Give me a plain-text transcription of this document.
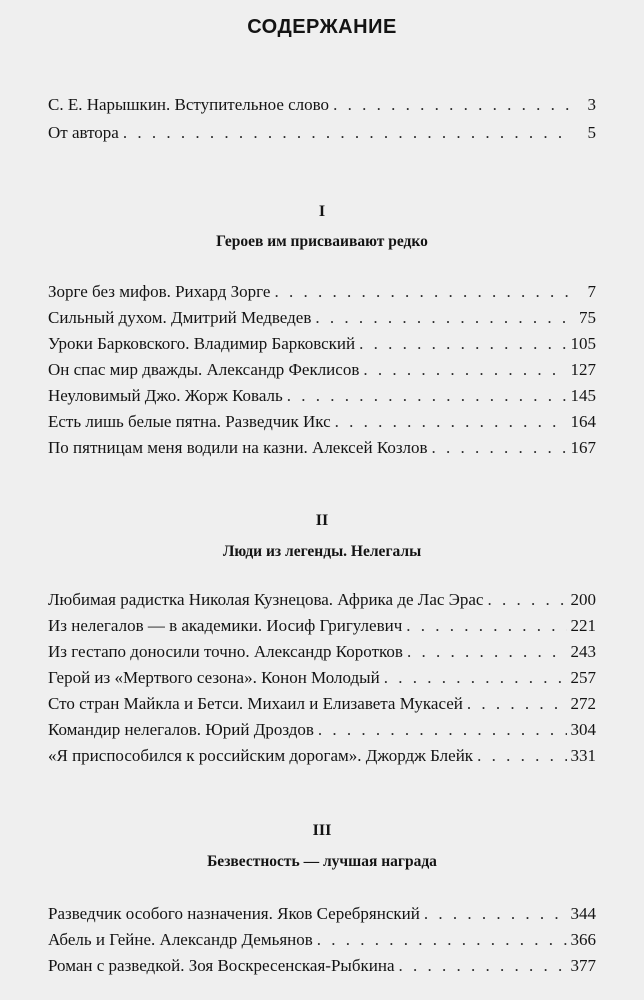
СОДЕРЖАНИЕ
С. Е. Нарышкин. Вступительное слово . . .	3
От автора . . .	5
I
Героев им присваивают редко
Зорге без мифов. Рихард Зорге . . .	7
Сильный духом. Дмитрий Медведев . . .	75
Уроки Барковского. Владимир Барковский . . .	105
Он спас мир дважды. Александр Феклисов . . .	127
Неуловимый Джо. Жорж Коваль . . .	145
Есть лишь белые пятна. Разведчик Икс . . .	164
По пятницам меня водили на казни. Алексей Козлов . . .	167
II
Люди из легенды. Нелегалы
Любимая радистка Николая Кузнецова. Африка де Лас Эрас . . .	200
Из нелегалов — в академики. Иосиф Григулевич . . .	221
Из гестапо доносили точно. Александр Коротков . . .	243
Герой из «Мертвого сезона». Конон Молодый . . .	257
Сто стран Майкла и Бетси. Михаил и Елизавета Мукасей . . .	272
Командир нелегалов. Юрий Дроздов . . .	304
«Я приспособился к российским дорогам». Джордж Блейк . . .	331
III
Безвестность — лучшая награда
Разведчик особого назначения. Яков Серебрянский . . .	344
Абель и Гейне. Александр Демьянов . . .	366
Роман с разведкой. Зоя Воскресенская-Рыбкина . . .	377
